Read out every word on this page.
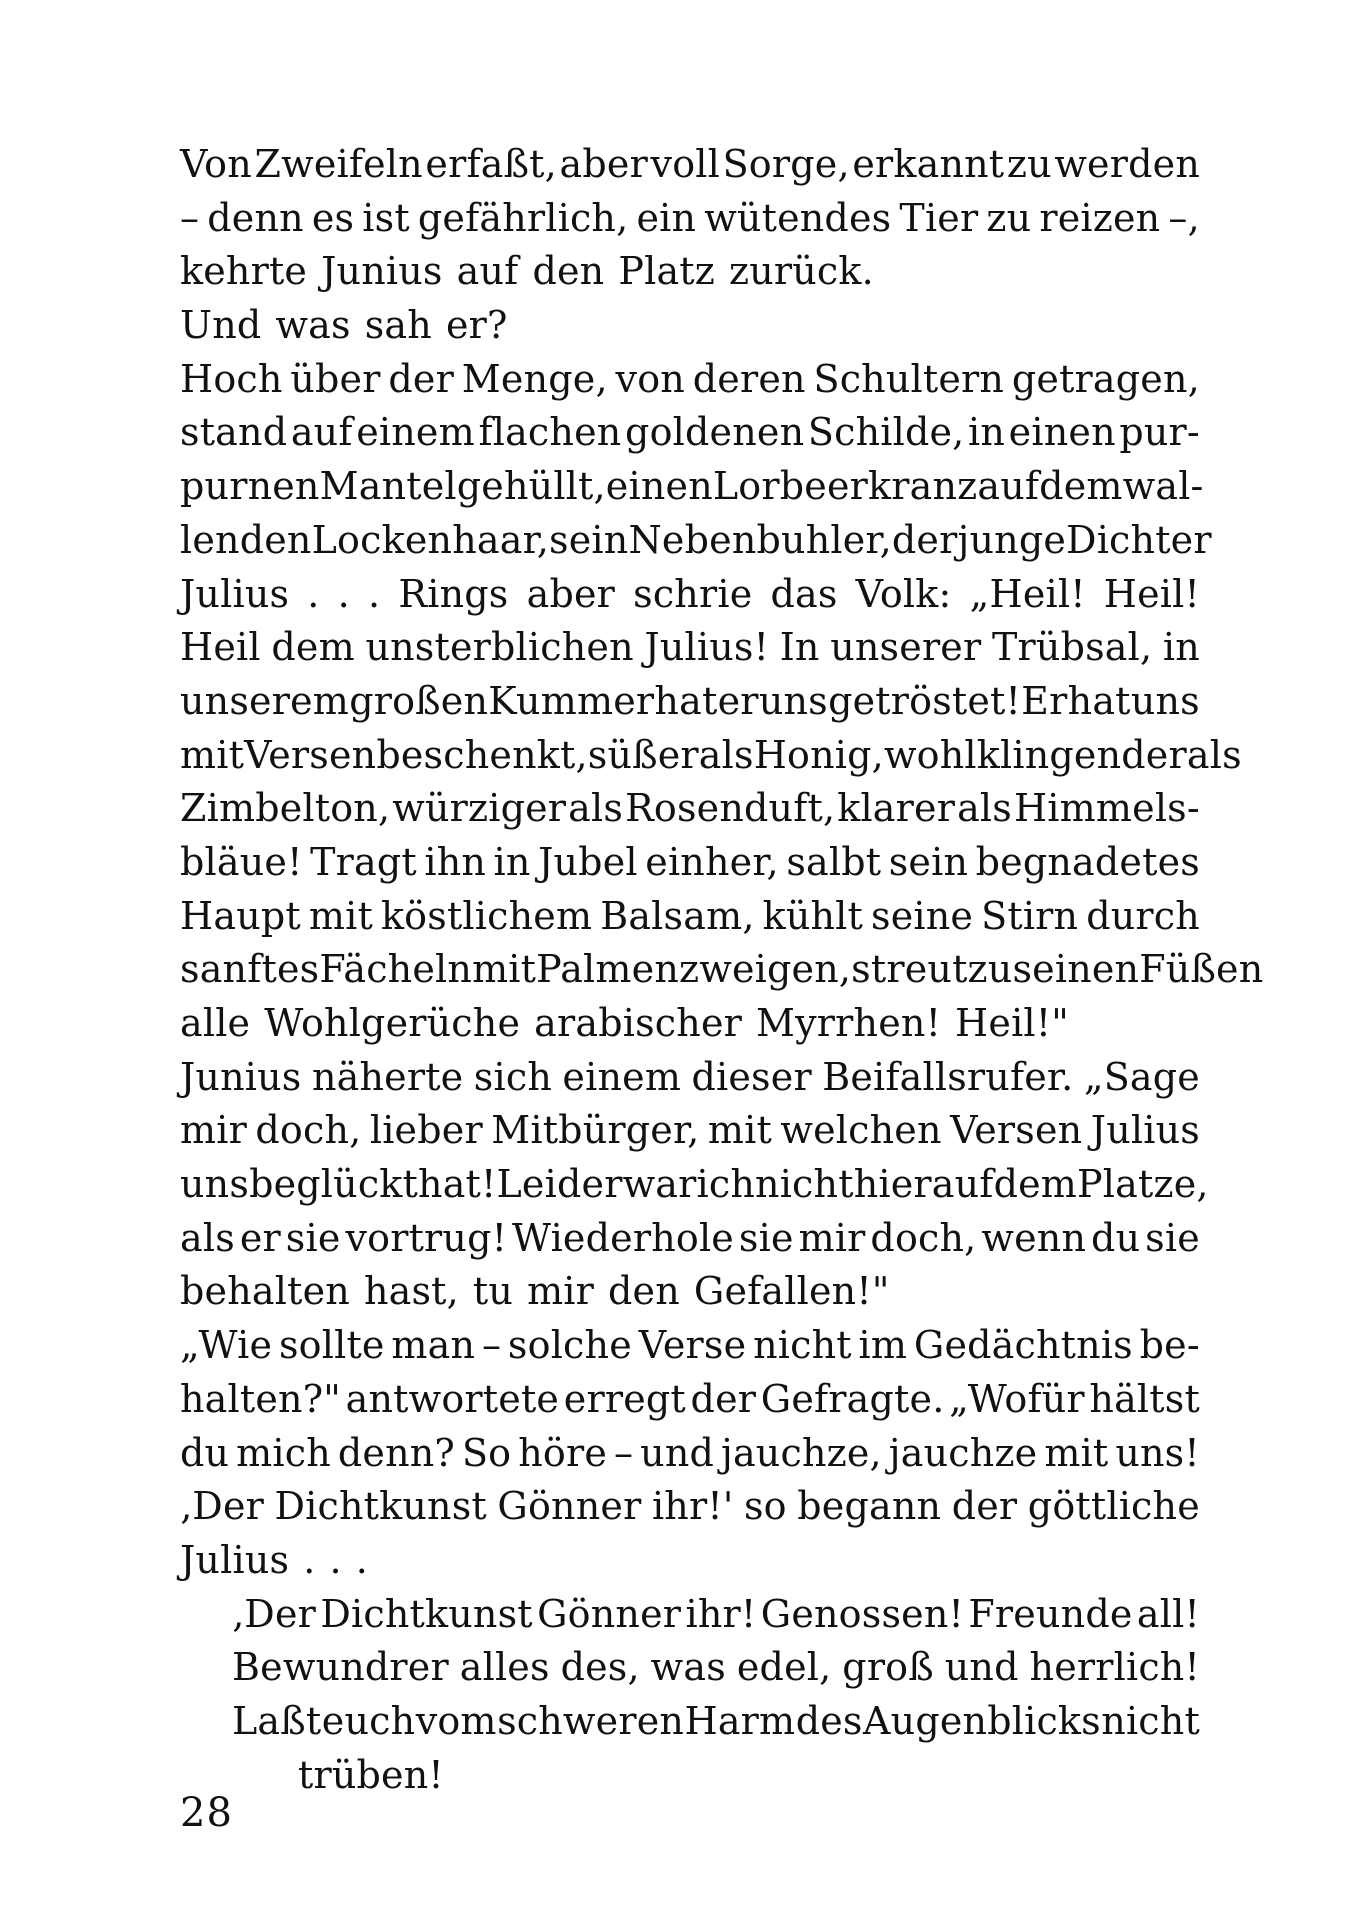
Von Zweifeln erfaßt, aber voll Sorge, erkannt zu werden
– denn es ist gefährlich, ein wütendes Tier zu reizen –,
kehrte Junius auf den Platz zurück.
Und was sah er?
Hoch über der Menge, von deren Schultern getragen,
stand auf einem flachen goldenen Schilde, in einen pur-
purnen Mantel gehüllt, einen Lorbeerkranz auf dem wal-
lenden Lockenhaar, sein Nebenbuhler, der junge Dichter
Julius . . . Rings aber schrie das Volk: „Heil! Heil!
Heil dem unsterblichen Julius! In unserer Trübsal, in
unserem großen Kummer hat er uns getröstet! Er hat uns
mit Versen beschenkt, süßer als Honig, wohlklingender als
Zimbelton, würziger als Rosenduft, klarer als Himmels-
bläue! Tragt ihn in Jubel einher, salbt sein begnadetes
Haupt mit köstlichem Balsam, kühlt seine Stirn durch
sanftes Fächeln mit Palmenzweigen, streut zu seinen Füßen
alle Wohlgerüche arabischer Myrrhen! Heil!"
Junius näherte sich einem dieser Beifallsrufer. „Sage
mir doch, lieber Mitbürger, mit welchen Versen Julius
uns beglückt hat! Leider war ich nicht hier auf dem Platze,
als er sie vortrug! Wiederhole sie mir doch, wenn du sie
behalten hast, tu mir den Gefallen!"
„Wie sollte man – solche Verse nicht im Gedächtnis be-
halten?" antwortete erregt der Gefragte. „Wofür hältst
du mich denn? So höre – und jauchze, jauchze mit uns!
‚Der Dichtkunst Gönner ihr!' so begann der göttliche
Julius . . .
‚Der Dichtkunst Gönner ihr! Genossen! Freunde all!
Bewundrer alles des, was edel, groß und herrlich!
Laßt euch vom schweren Harm des Augenblicks nicht
trüben!
28
